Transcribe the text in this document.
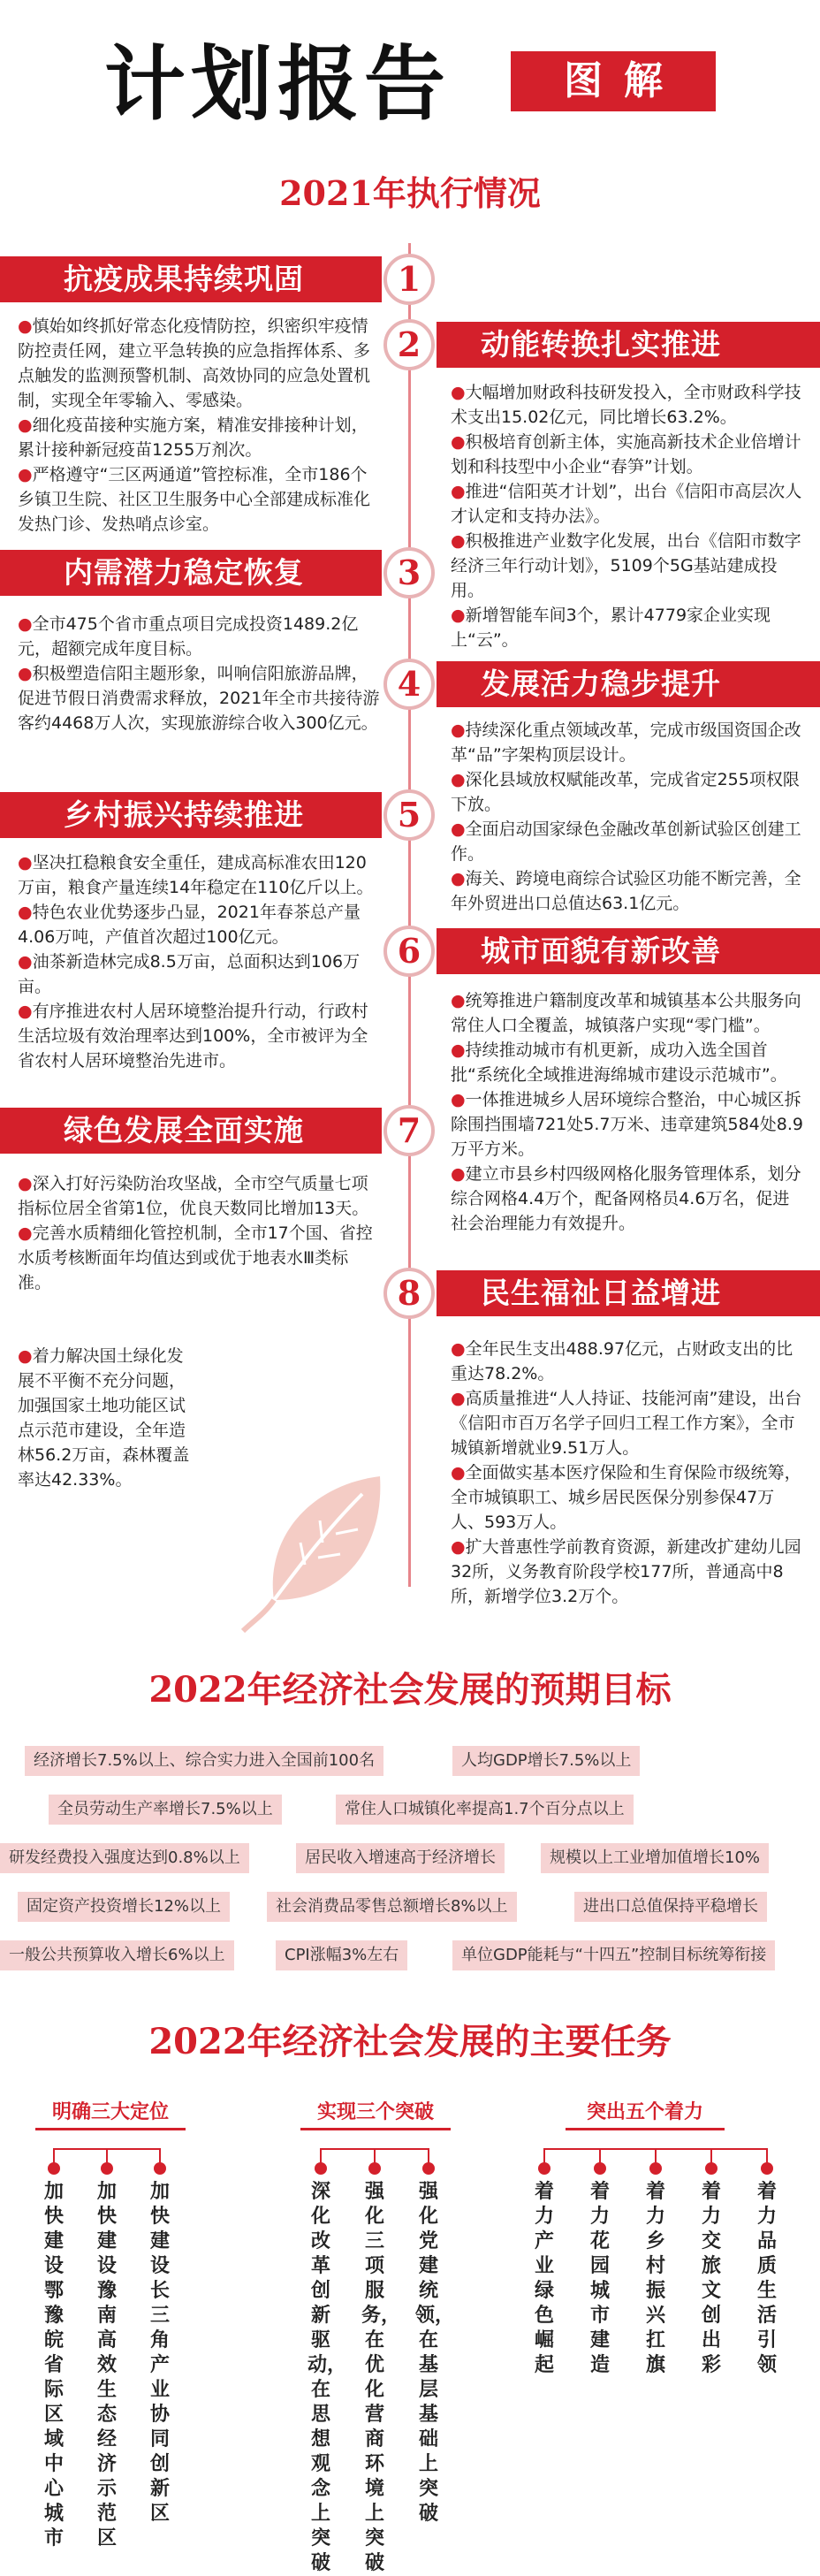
计划报告	图解
2021年执行情况
抗疫成果持续巩固	1

●慎始如终抓好常态化疫情防控，织密织牢疫情防控责任网，建立平急转换的应急指挥体系、多点触发的监测预警机制、高效协同的应急处置机制，实现全年零输入、零感染。

●细化疫苗接种实施方案，精准安排接种计划，累计接种新冠疫苗1255万剂次。

●严格遵守“三区两通道”管控标准，全市186个乡镇卫生院、社区卫生服务中心全部建成标准化发热门诊、发热哨点诊室。

2	动能转换扎实推进

●大幅增加财政科技研发投入，全市财政科学技术支出15.02亿元，同比增长63.2%。

●积极培育创新主体，实施高新技术企业倍增计划和科技型中小企业“春笋”计划。

●推进“信阳英才计划”，出台《信阳市高层次人才认定和支持办法》。

●积极推进产业数字化发展，出台《信阳市数字经济三年行动计划》，5109个5G基站建成投用。

●新增智能车间3个，累计4779家企业实现上“云”。

内需潜力稳定恢复	3

●全市475个省市重点项目完成投资1489.2亿元，超额完成年度目标。

●积极塑造信阳主题形象，叫响信阳旅游品牌，促进节假日消费需求释放，2021年全市共接待游客约4468万人次，实现旅游综合收入300亿元。

4	发展活力稳步提升

●持续深化重点领域改革，完成市级国资国企改革“品”字架构顶层设计。

●深化县域放权赋能改革，完成省定255项权限下放。

●全面启动国家绿色金融改革创新试验区创建工作。

●海关、跨境电商综合试验区功能不断完善，全年外贸进出口总值达63.1亿元。

乡村振兴持续推进	5

●坚决扛稳粮食安全重任，建成高标准农田120万亩，粮食产量连续14年稳定在110亿斤以上。

●特色农业优势逐步凸显，2021年春茶总产量4.06万吨，产值首次超过100亿元。

●油茶新造林完成8.5万亩，总面积达到106万亩。

●有序推进农村人居环境整治提升行动，行政村生活垃圾有效治理率达到100%，全市被评为全省农村人居环境整治先进市。

6	城市面貌有新改善

●统筹推进户籍制度改革和城镇基本公共服务向常住人口全覆盖，城镇落户实现“零门槛”。

●持续推动城市有机更新，成功入选全国首批“系统化全域推进海绵城市建设示范城市”。

●一体推进城乡人居环境综合整治，中心城区拆除围挡围墙721处5.7万米、违章建筑584处8.9万平方米。

●建立市县乡村四级网格化服务管理体系，划分综合网格4.4万个，配备网格员4.6万名，促进社会治理能力有效提升。

绿色发展全面实施	7

●深入打好污染防治攻坚战，全市空气质量七项指标位居全省第1位，优良天数同比增加13天。

●完善水质精细化管控机制，全市17个国、省控水质考核断面年均值达到或优于地表水Ⅲ类标准。

●着力解决国土绿化发展不平衡不充分问题，加强国家土地功能区试点示范市建设，全年造林56.2万亩，森林覆盖率达42.33%。

8	民生福祉日益增进

●全年民生支出488.97亿元，占财政支出的比重达78.2%。

●高质量推进“人人持证、技能河南”建设，出台《信阳市百万名学子回归工程工作方案》，全市城镇新增就业9.51万人。

●全面做实基本医疗保险和生育保险市级统筹，全市城镇职工、城乡居民医保分别参保47万人、593万人。

●扩大普惠性学前教育资源，新建改扩建幼儿园32所，义务教育阶段学校177所，普通高中8所，新增学位3.2万个。

2022年经济社会发展的预期目标
经济增长7.5%以上、综合实力进入全国前100名	人均GDP增长7.5%以上
全员劳动生产率增长7.5%以上	常住人口城镇化率提高1.7个百分点以上
研发经费投入强度达到0.8%以上	居民收入增速高于经济增长	规模以上工业增加值增长10%
固定资产投资增长12%以上	社会消费品零售总额增长8%以上	进出口总值保持平稳增长
一般公共预算收入增长6%以上	CPI涨幅3%左右	单位GDP能耗与“十四五”控制目标统筹衔接
2022年经济社会发展的主要任务
明确三大定位
加快建设鄂豫皖省际区域中心城市
加快建设豫南高效生态经济示范区
加快建设长三角产业协同创新区
实现三个突破
深化改革创新驱动，在思想观念上突破
强化三项服务，在优化营商环境上突破
强化党建统领，在基层基础上突破
突出五个着力
着力产业绿色崛起
着力花园城市建造
着力乡村振兴扛旗
着力交旅文创出彩
着力品质生活引领
